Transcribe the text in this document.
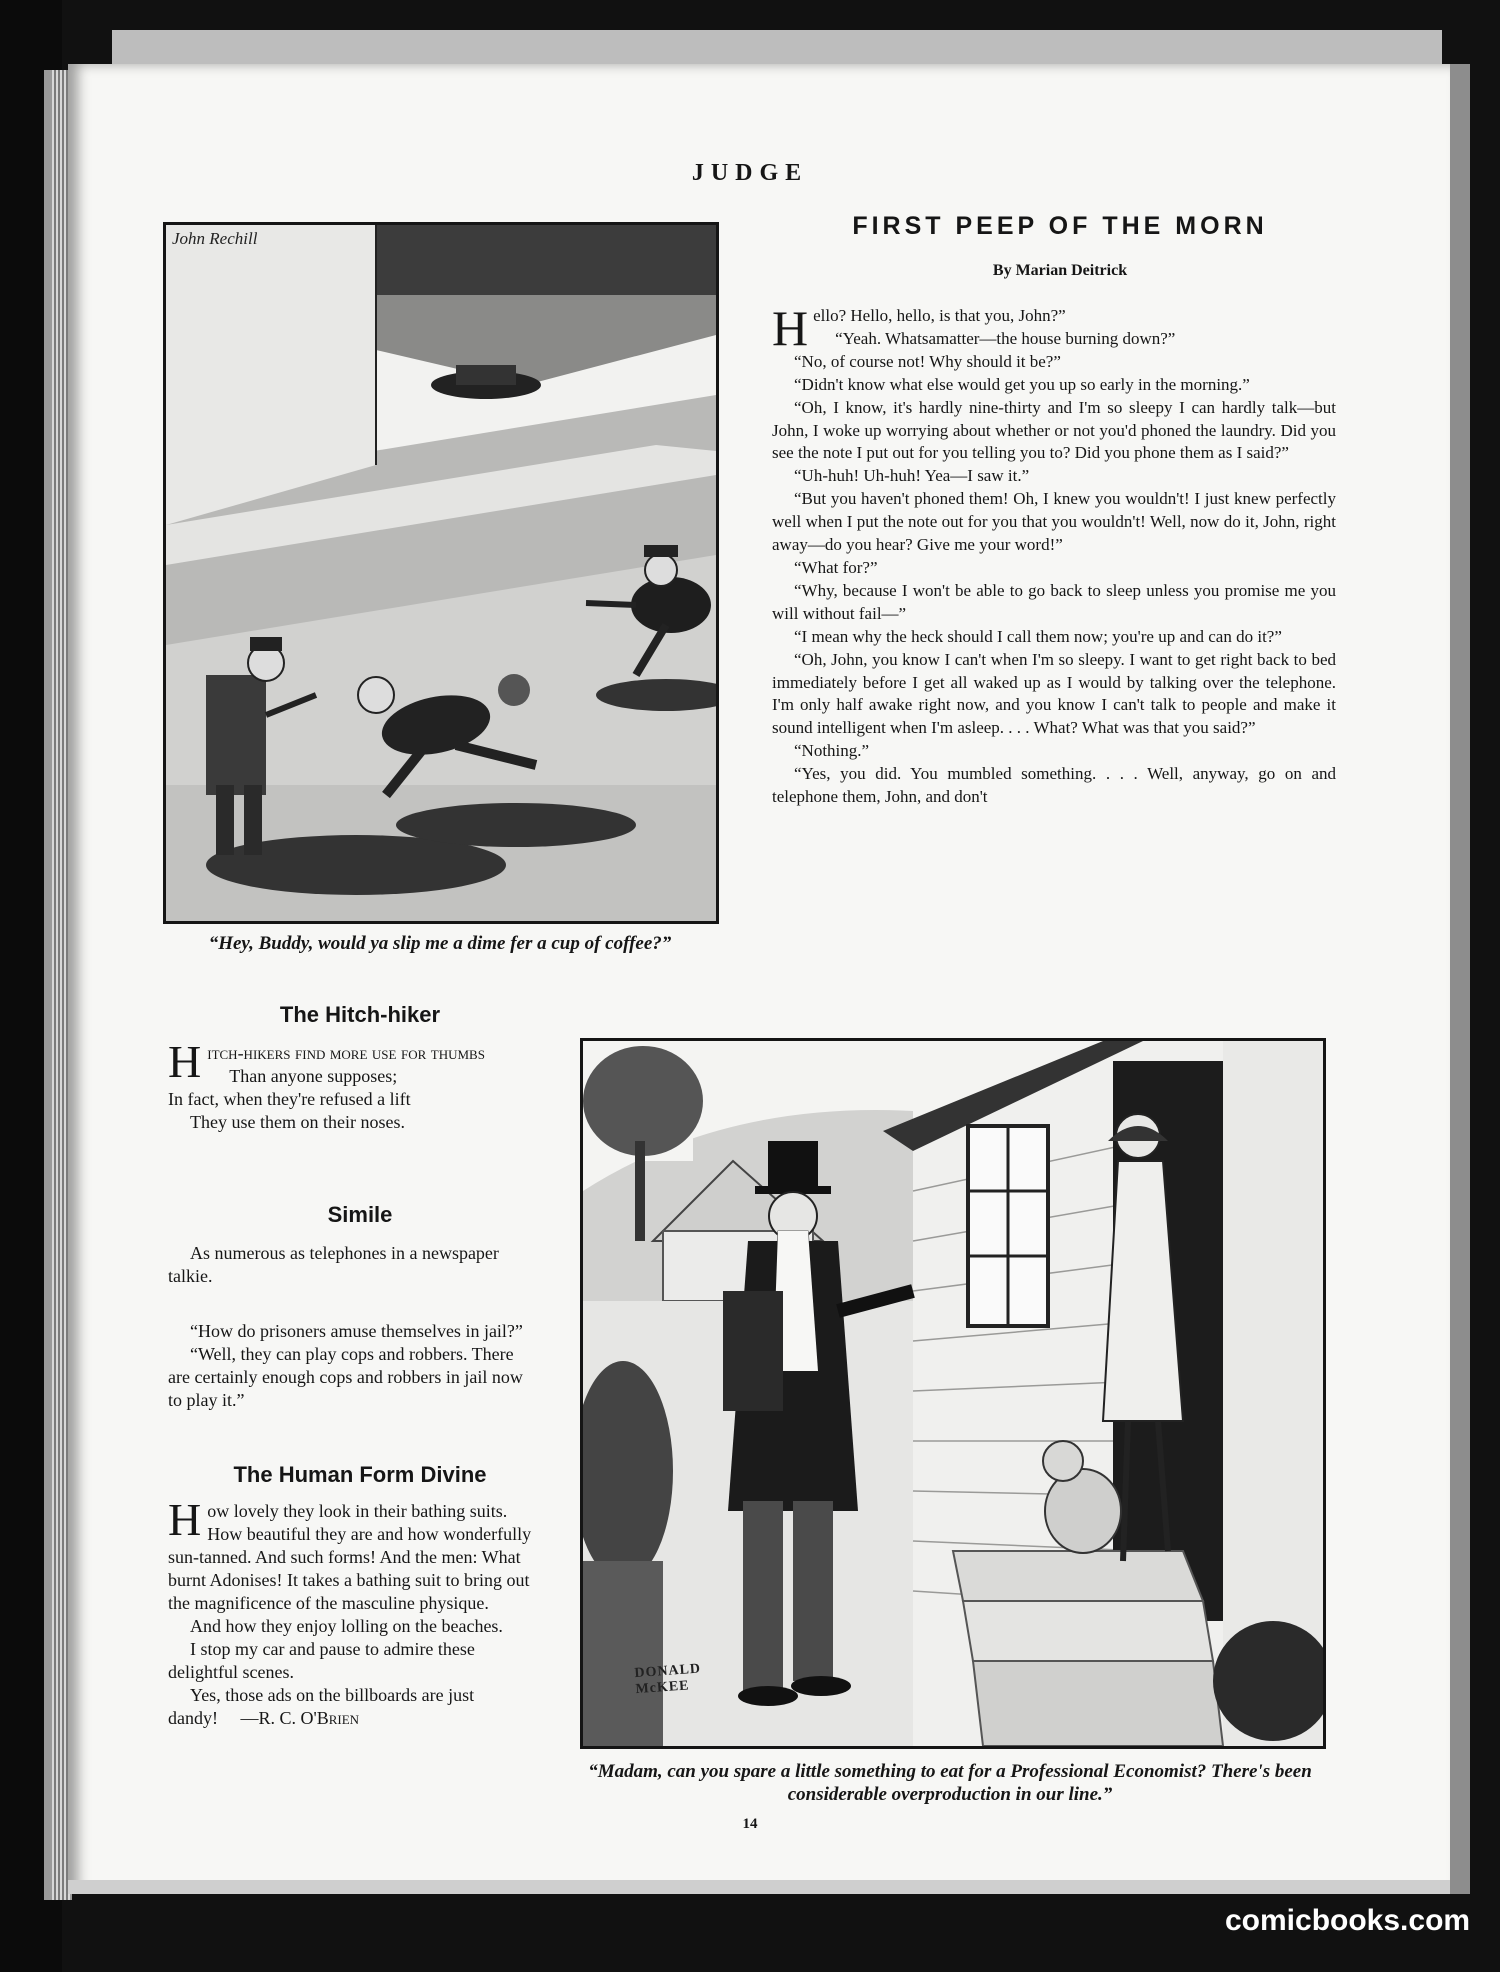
JUDGE
John Rechill
“Hey, Buddy, would ya slip me a dime fer a cup of coffee?”
FIRST PEEP OF THE MORN
By Marian Deitrick

Hello? Hello, hello, is that you, John?”

“Yeah. Whatsamatter—the house burning down?”

“No, of course not! Why should it be?”

“Didn't know what else would get you up so early in the morning.”

“Oh, I know, it's hardly nine-thirty and I'm so sleepy I can hardly talk—but John, I woke up worrying about whether or not you'd phoned the laundry. Did you see the note I put out for you telling you to? Did you phone them as I said?”

“Uh-huh! Uh-huh! Yea—I saw it.”

“But you haven't phoned them! Oh, I knew you wouldn't! I just knew perfectly well when I put the note out for you that you wouldn't! Well, now do it, John, right away—do you hear? Give me your word!”

“What for?”

“Why, because I won't be able to go back to sleep unless you promise me you will without fail—”

“I mean why the heck should I call them now; you're up and can do it?”

“Oh, John, you know I can't when I'm so sleepy. I want to get right back to bed immediately before I get all waked up as I would by talking over the telephone. I'm only half awake right now, and you know I can't talk to people and make it sound intelligent when I'm asleep. . . . What? What was that you said?”

“Nothing.”

“Yes, you did. You mumbled something. . . . Well, anyway, go on and telephone them, John, and don't

The Hitch-hiker

Hitch-hikers find more use for thumbs

Than anyone supposes;

In fact, when they're refused a lift

They use them on their noses.

Simile

As numerous as telephones in a newspaper talkie.

“How do prisoners amuse themselves in jail?”

“Well, they can play cops and robbers. There are certainly enough cops and robbers in jail now to play it.”

The Human Form Divine

How lovely they look in their bathing suits. How beautiful they are and how wonderfully sun-tanned. And such forms! And the men: What burnt Adonises! It takes a bathing suit to bring out the magnificence of the masculine physique.

And how they enjoy lolling on the beaches.

I stop my car and pause to admire these delightful scenes.

Yes, those ads on the billboards are just dandy! —R. C. O'Brien

DONALD McKEE
“Madam, can you spare a little something to eat for a Professional Economist? There's been considerable overproduction in our line.”
14
comicbooks.com
